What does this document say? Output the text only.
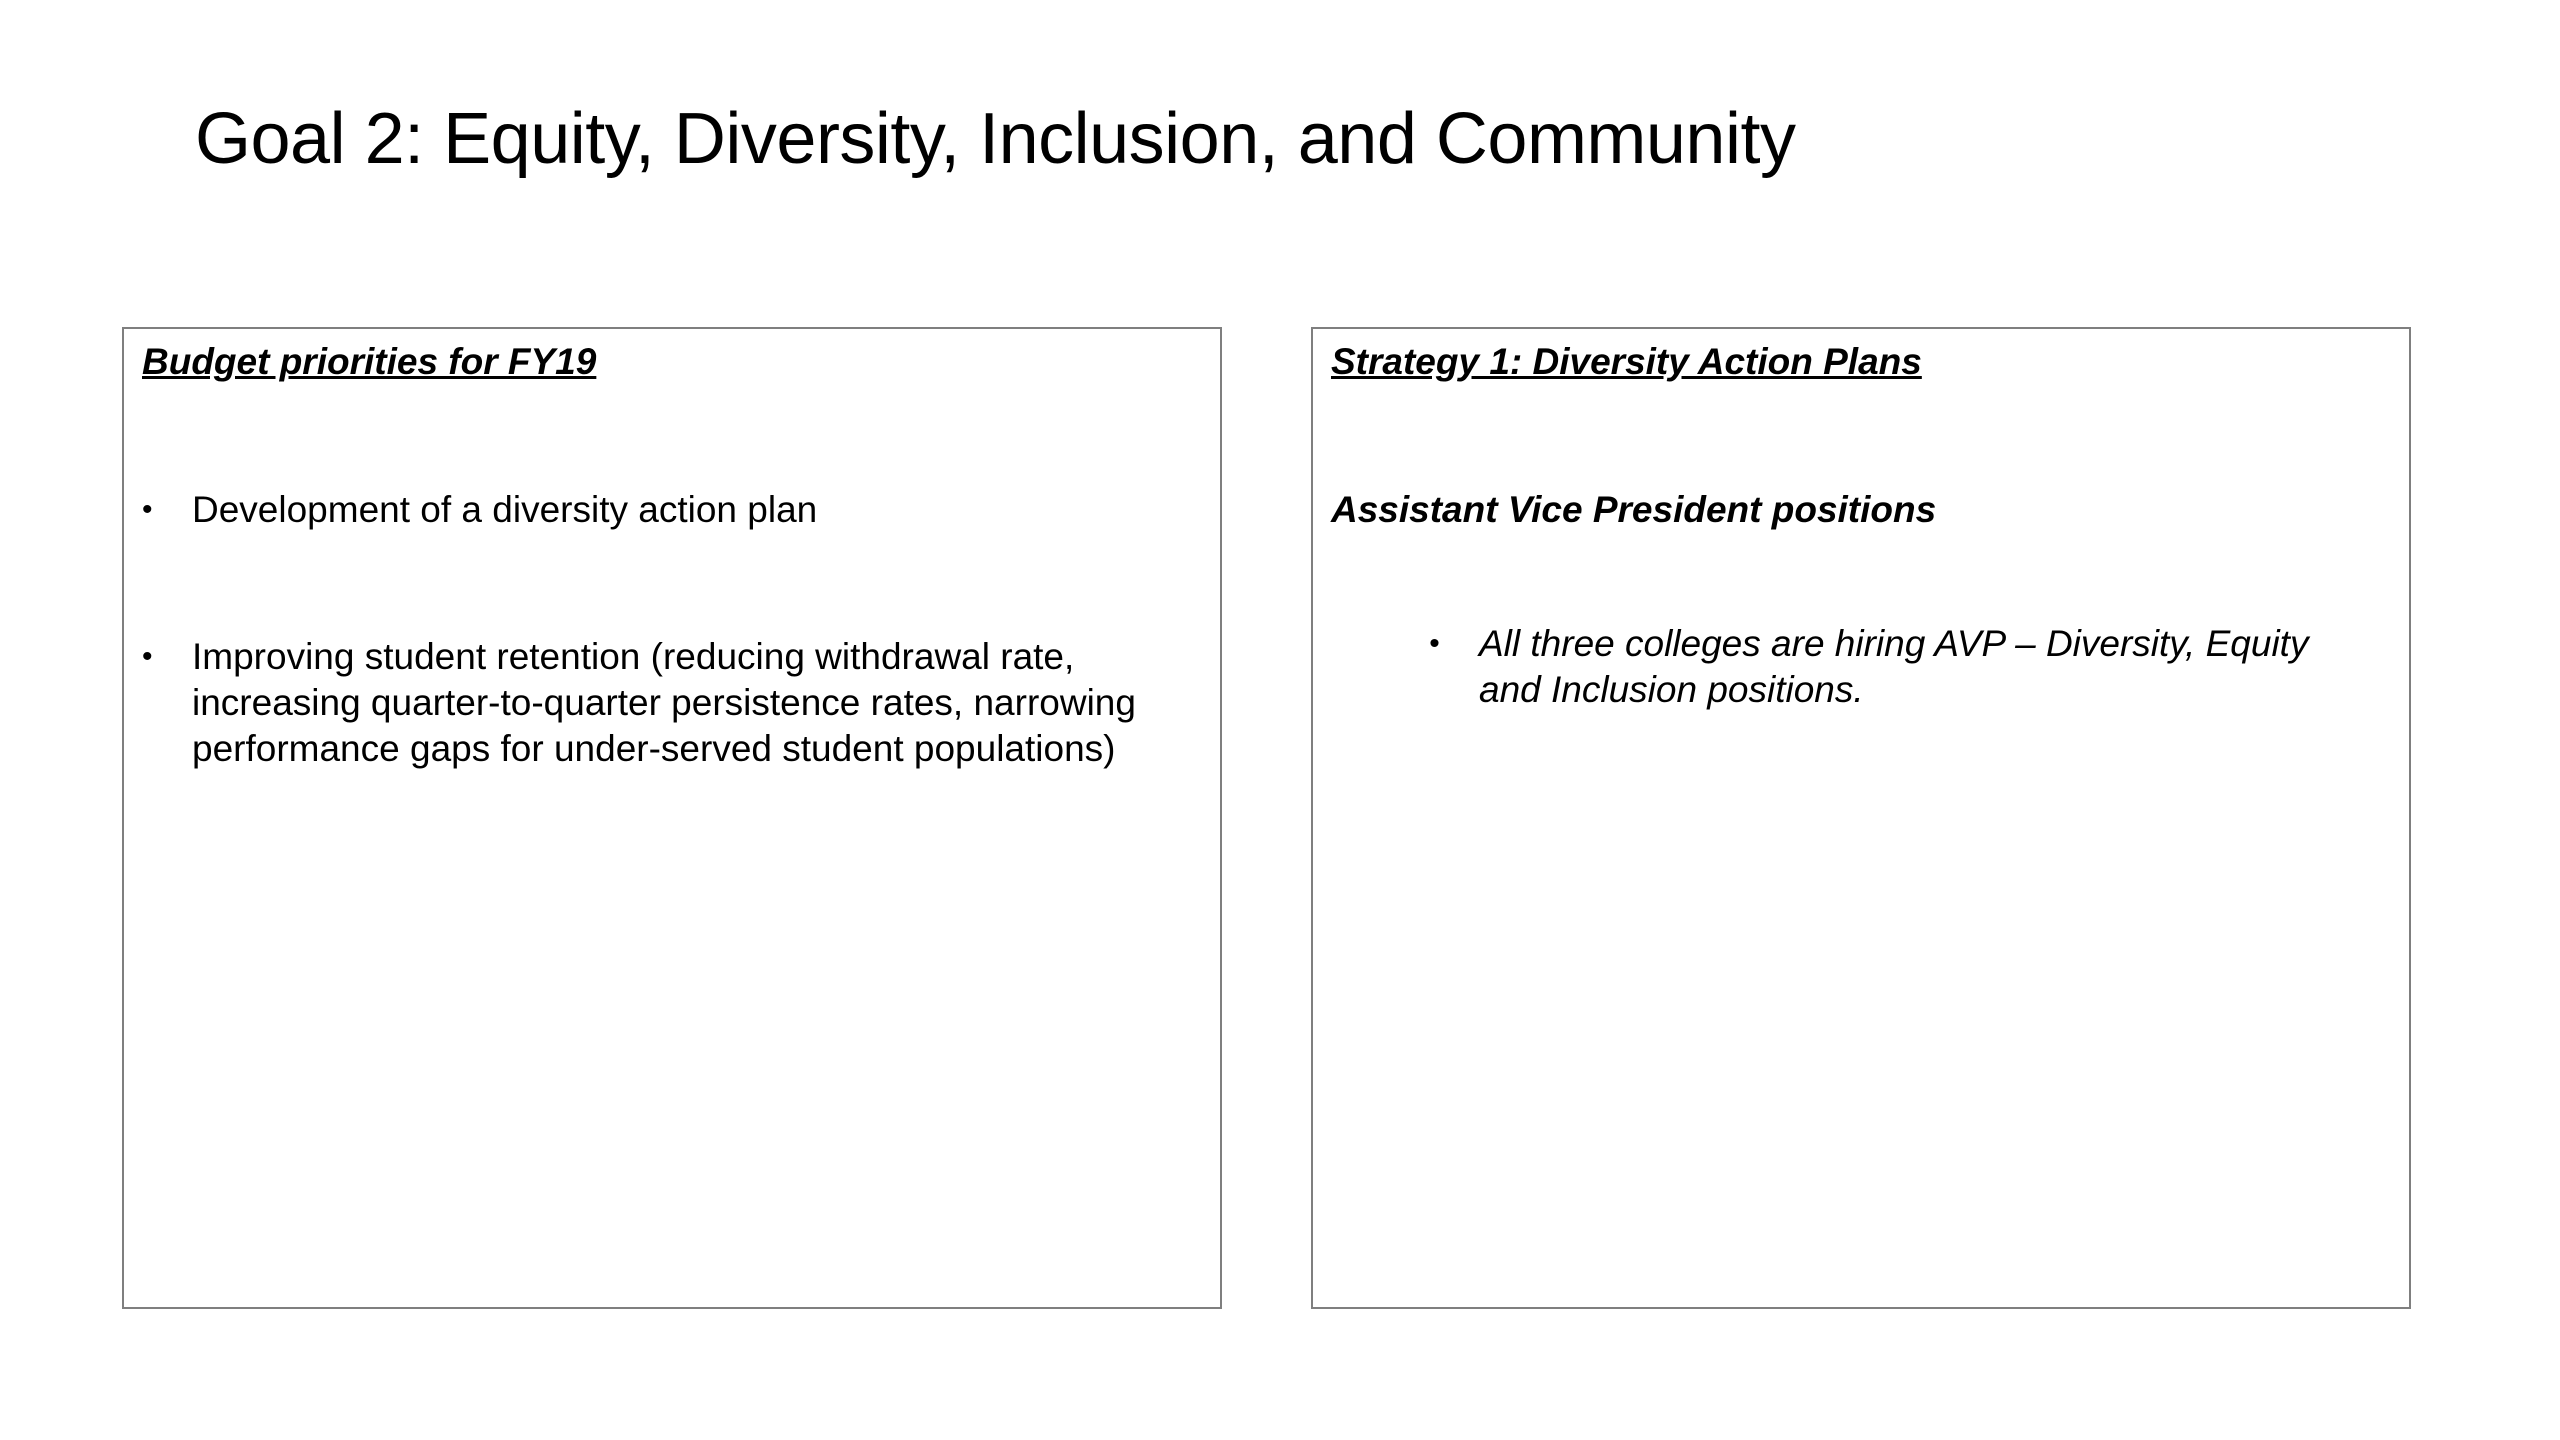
Goal 2: Equity, Diversity, Inclusion, and Community
Budget priorities for FY19
•	Development of a diversity action plan
•	Improving student retention (reducing withdrawal rate, increasing quarter-to-quarter persistence rates, narrowing performance gaps for under-served student populations)
Strategy 1: Diversity Action Plans
Assistant Vice President positions
•	All three colleges are hiring AVP – Diversity, Equity and Inclusion positions.
